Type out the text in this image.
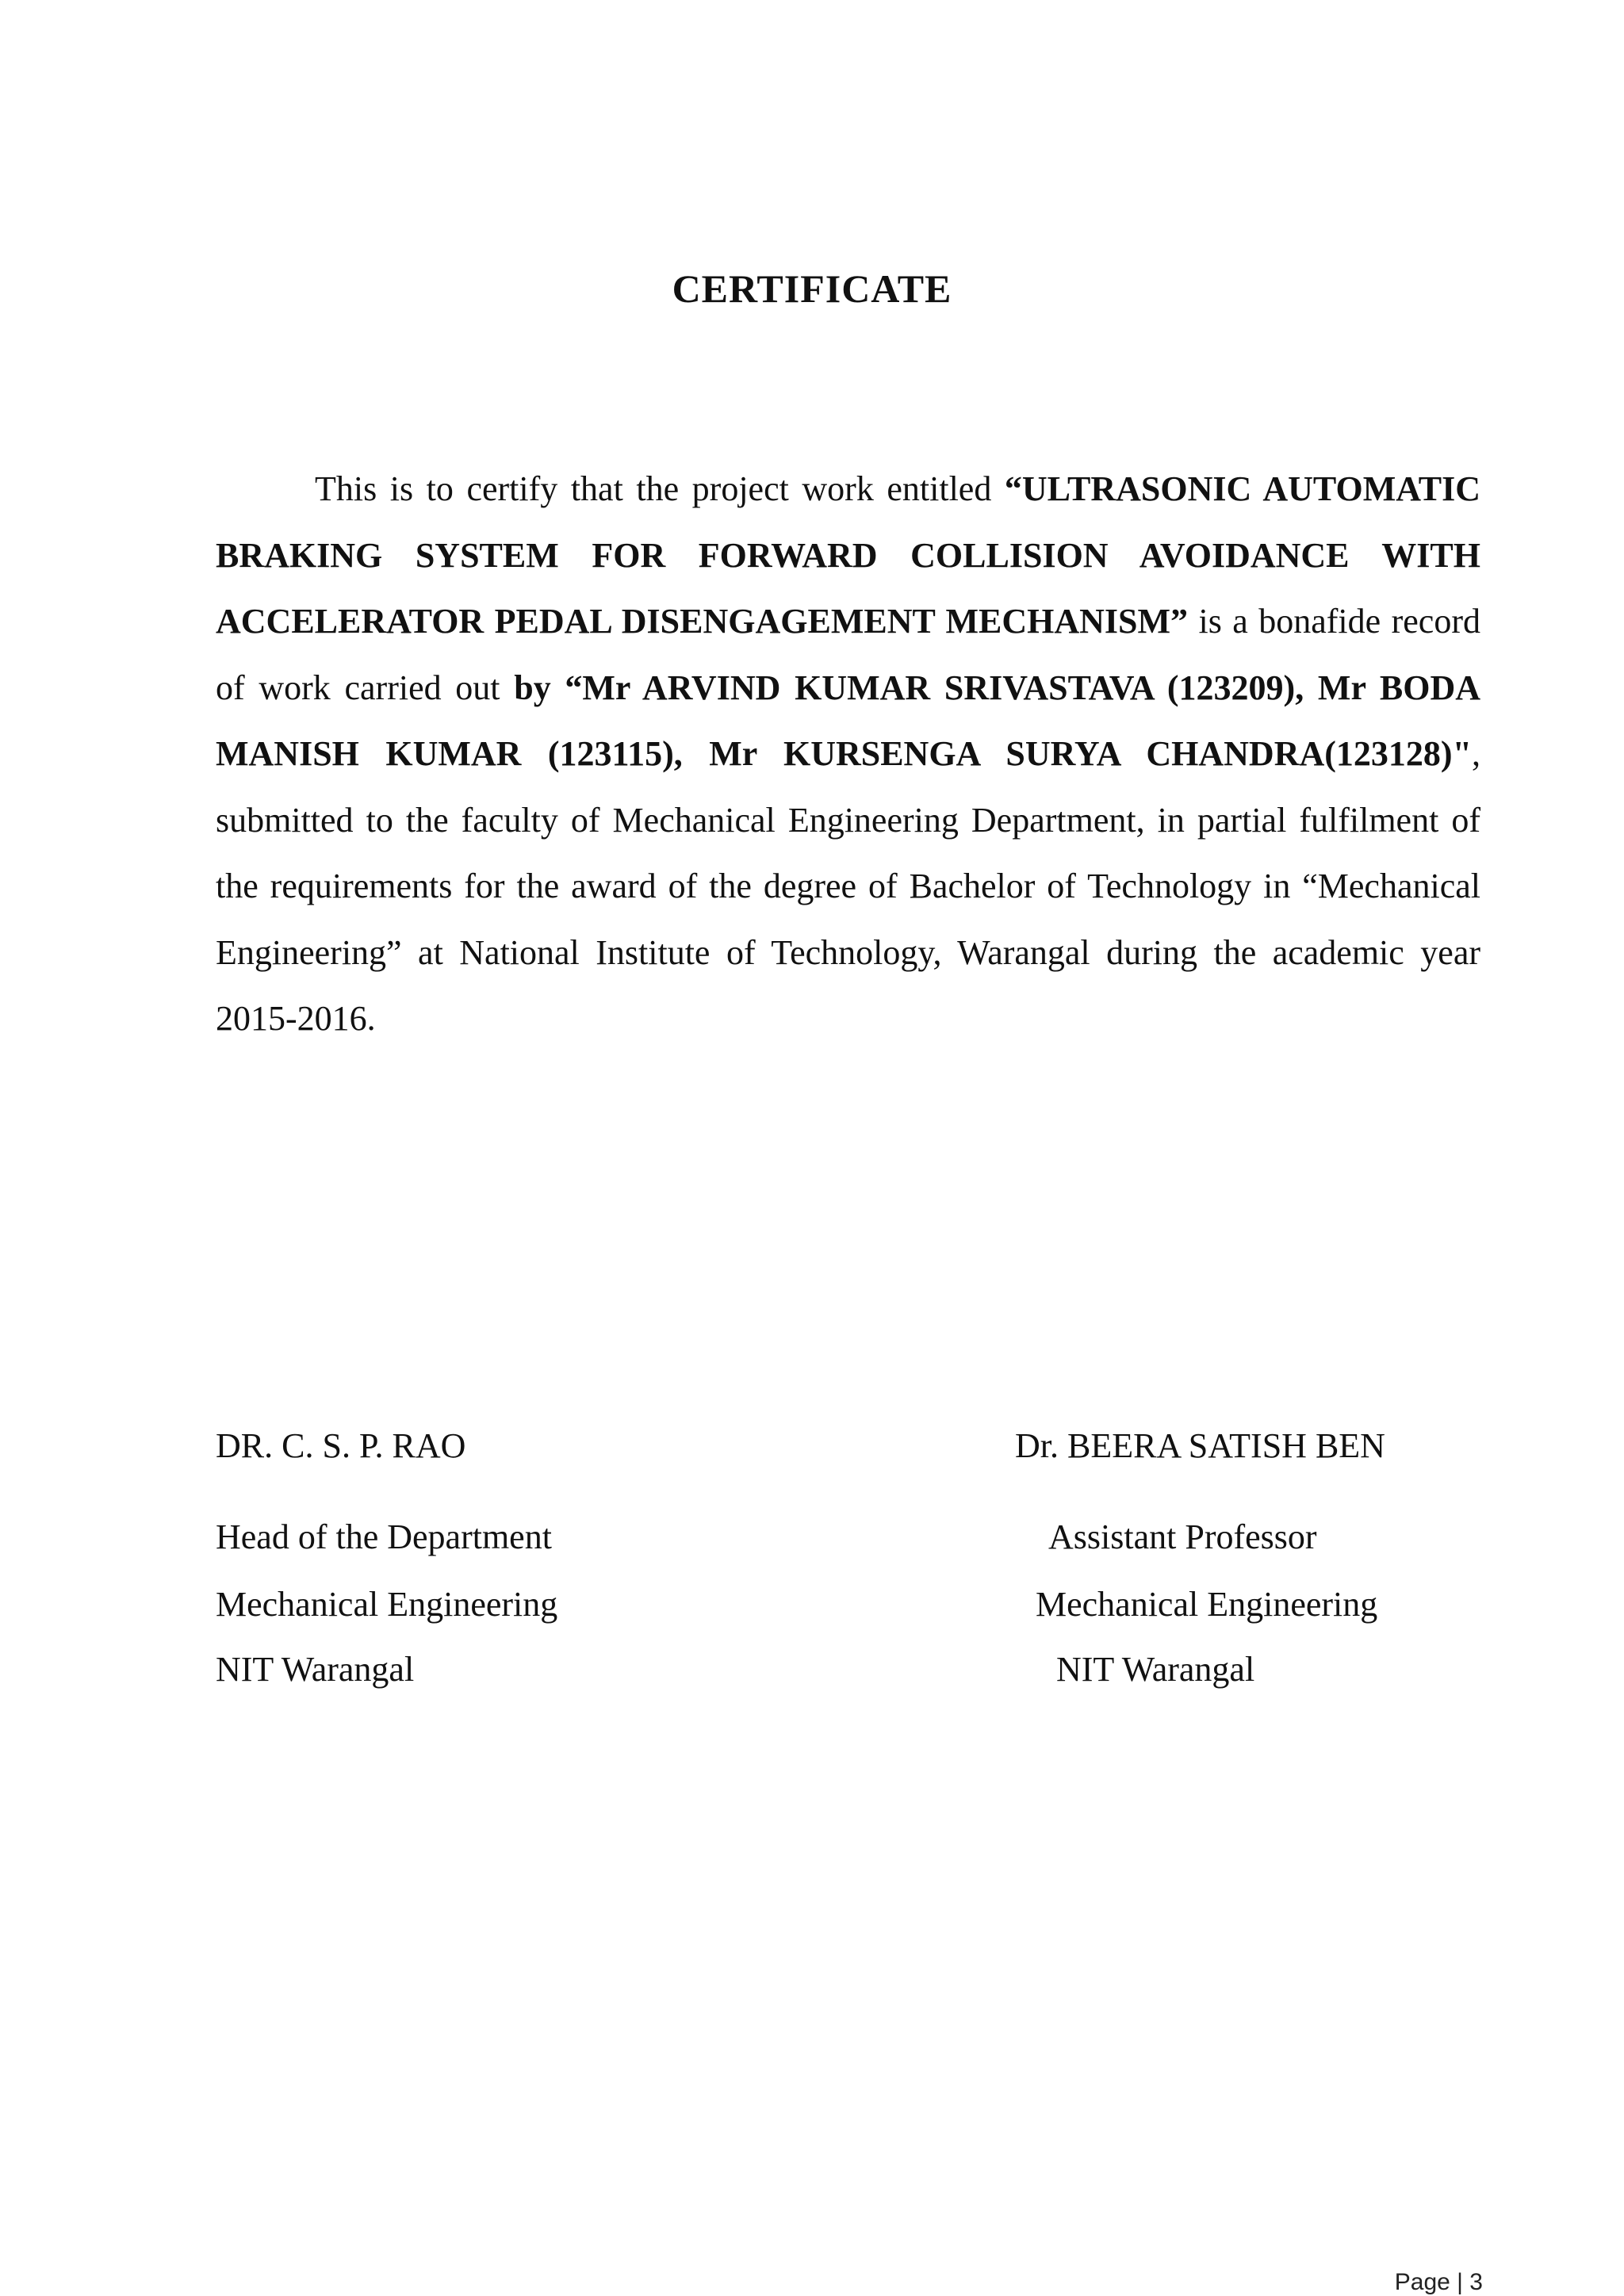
CERTIFICATE

This is to certify that the project work entitled “ULTRASONIC AUTOMATIC BRAKING SYSTEM FOR FORWARD COLLISION AVOIDANCE WITH ACCELERATOR PEDAL DISENGAGEMENT MECHANISM” is a bonafide record of work carried out by “Mr ARVIND KUMAR SRIVASTAVA (123209), Mr BODA MANISH KUMAR (123115), Mr KURSENGA SURYA CHANDRA(123128)", submitted to the faculty of Mechanical Engineering Department, in partial fulfilment of the requirements for the award of the degree of Bachelor of Technology in “Mechanical Engineering” at National Institute of Technology, Warangal during the academic year 2015-2016.

DR. C. S. P. RAO
Head of the Department
Mechanical Engineering
NIT Warangal
Dr. BEERA SATISH BEN
Assistant Professor
Mechanical Engineering
NIT Warangal
Page | 3
